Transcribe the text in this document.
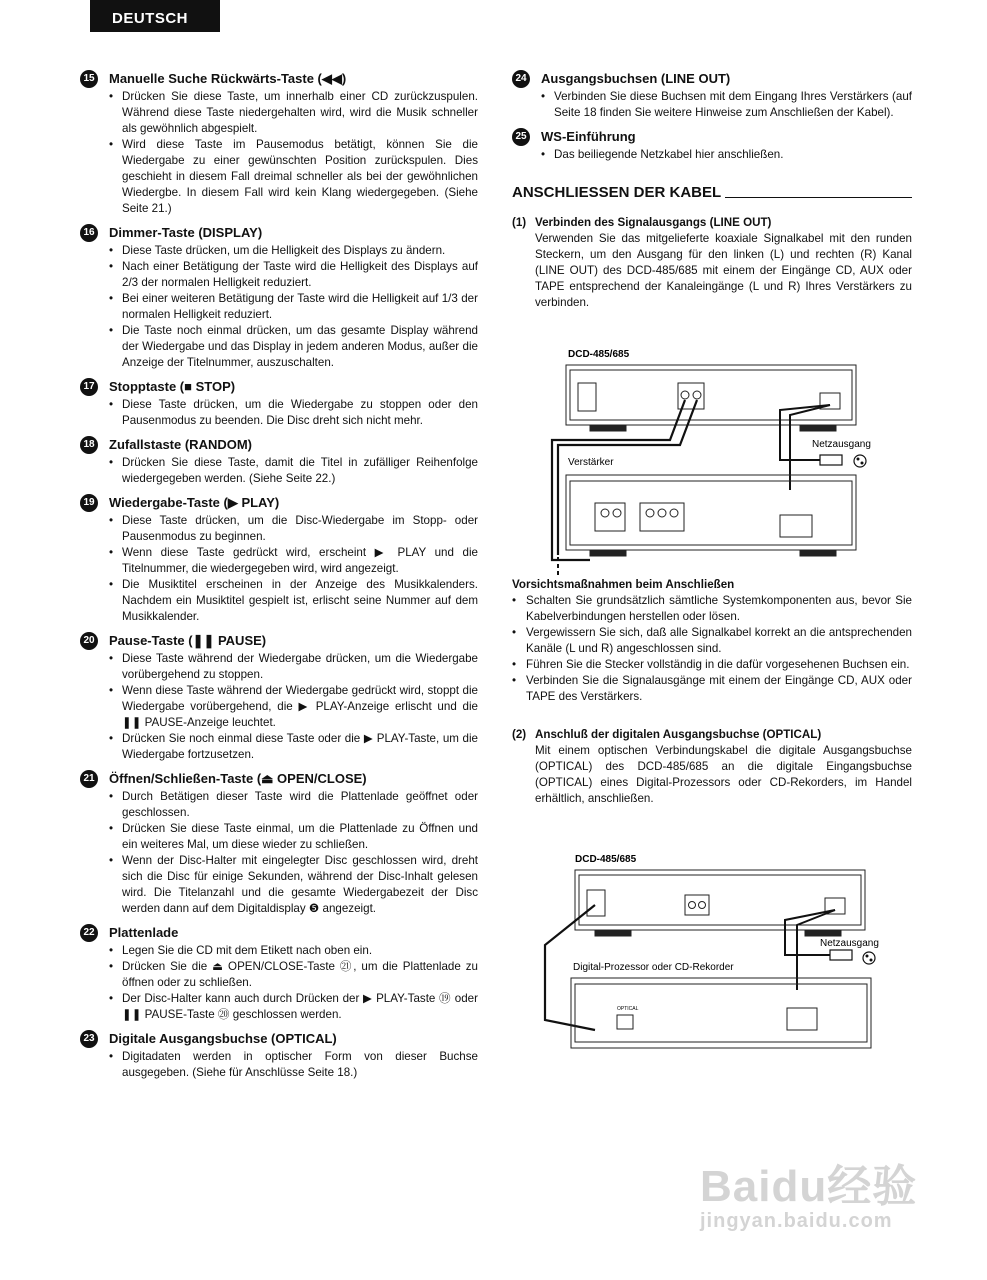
DEUTSCH
15 Manuelle Suche Rückwärts-Taste (◀◀)
• Drücken Sie diese Taste, um innerhalb einer CD zurückzuspulen. Während diese Taste niedergehalten wird, wird die Musik schneller als gewöhnlich abgespielt.
• Wird diese Taste im Pausemodus betätigt, können Sie die Wiedergabe zu einer gewünschten Position zurückspulen. Dies geschieht in diesem Fall dreimal schneller als bei der gewöhnlichen Wiedergbe. In diesem Fall wird kein Klang wiedergegeben. (Siehe Seite 21.)
16 Dimmer-Taste (DISPLAY)
• Diese Taste drücken, um die Helligkeit des Displays zu ändern.
• Nach einer Betätigung der Taste wird die Helligkeit des Displays auf 2/3 der normalen Helligkeit reduziert.
• Bei einer weiteren Betätigung der Taste wird die Helligkeit auf 1/3 der normalen Helligkeit reduziert.
• Die Taste noch einmal drücken, um das gesamte Display während der Wiedergabe und das Display in jedem anderen Modus, außer die Anzeige der Titelnummer, auszuschalten.
17 Stopptaste (■ STOP)
• Diese Taste drücken, um die Wiedergabe zu stoppen oder den Pausenmodus zu beenden. Die Disc dreht sich nicht mehr.
18 Zufallstaste (RANDOM)
• Drücken Sie diese Taste, damit die Titel in zufälliger Reihenfolge wiedergegeben werden. (Siehe Seite 22.)
19 Wiedergabe-Taste (▶ PLAY)
• Diese Taste drücken, um die Disc-Wiedergabe im Stopp- oder Pausenmodus zu beginnen.
• Wenn diese Taste gedrückt wird, erscheint ▶ PLAY und die Titelnummer, die wiedergegeben wird, wird angezeigt.
• Die Musiktitel erscheinen in der Anzeige des Musikkalenders. Nachdem ein Musiktitel gespielt ist, erlischt seine Nummer auf dem Musikkalender.
20 Pause-Taste (❚❚ PAUSE)
• Diese Taste während der Wiedergabe drücken, um die Wiedergabe vorübergehend zu stoppen.
• Wenn diese Taste während der Wiedergabe gedrückt wird, stoppt die Wiedergabe vorübergehend, die ▶ PLAY-Anzeige erlischt und die ❚❚ PAUSE-Anzeige leuchtet.
• Drücken Sie noch einmal diese Taste oder die ▶ PLAY-Taste, um die Wiedergabe fortzusetzen.
21 Öffnen/Schließen-Taste (⏏ OPEN/CLOSE)
• Durch Betätigen dieser Taste wird die Plattenlade geöffnet oder geschlossen.
• Drücken Sie diese Taste einmal, um die Plattenlade zu Öffnen und ein weiteres Mal, um diese wieder zu schließen.
• Wenn der Disc-Halter mit eingelegter Disc geschlossen wird, dreht sich die Disc für einige Sekunden, während der Disc-Inhalt gelesen wird. Die Titelanzahl und die gesamte Wiedergabezeit der Disc werden dann auf dem Digitaldisplay ❺ angezeigt.
22 Plattenlade
• Legen Sie die CD mit dem Etikett nach oben ein.
• Drücken Sie die ⏏ OPEN/CLOSE-Taste ㉑, um die Plattenlade zu öffnen oder zu schließen.
• Der Disc-Halter kann auch durch Drücken der ▶ PLAY-Taste ⑲ oder ❚❚ PAUSE-Taste ⑳ geschlossen werden.
23 Digitale Ausgangsbuchse (OPTICAL)
• Digitadaten werden in optischer Form von dieser Buchse ausgegeben. (Siehe für Anschlüsse Seite 18.)
24 Ausgangsbuchsen (LINE OUT)
• Verbinden Sie diese Buchsen mit dem Eingang Ihres Verstärkers (auf Seite 18 finden Sie weitere Hinweise zum Anschließen der Kabel).
25 WS-Einführung
• Das beiliegende Netzkabel hier anschließen.
ANSCHLIESSEN DER KABEL
(1) Verbinden des Signalausgangs (LINE OUT)
Verwenden Sie das mitgelieferte koaxiale Signalkabel mit den runden Steckern, um den Ausgang für den linken (L) und rechten (R) Kanal (LINE OUT) des DCD-485/685 mit einem der Eingänge CD, AUX oder TAPE entsprechend der Kanaleingänge (L und R) Ihres Verstärkers zu verbinden.
Vorsichtsmaßnahmen beim Anschließen
• Schalten Sie grundsätzlich sämtliche Systemkomponenten aus, bevor Sie Kabelverbindungen herstellen oder lösen.
• Vergewissern Sie sich, daß alle Signalkabel korrekt an die antsprechenden Kanäle (L und R) angeschlossen sind.
• Führen Sie die Stecker vollständig in die dafür vorgesehenen Buchsen ein.
• Verbinden Sie die Signalausgänge mit einem der Eingänge CD, AUX oder TAPE des Verstärkers.
(2) Anschluß der digitalen Ausgangsbuchse (OPTICAL)
Mit einem optischen Verbindungskabel die digitale Ausgangsbuchse (OPTICAL) des DCD-485/685 an die digitale Eingangsbuchse (OPTICAL) eines Digital-Prozessors oder CD-Rekorders, im Handel erhältlich, anschließen.
DCD-485/685
Netzausgang
Verstärker
DCD-485/685
Netzausgang
Digital-Prozessor oder CD-Rekorder
OPTICAL
Baidu经验
jingyan.baidu.com
